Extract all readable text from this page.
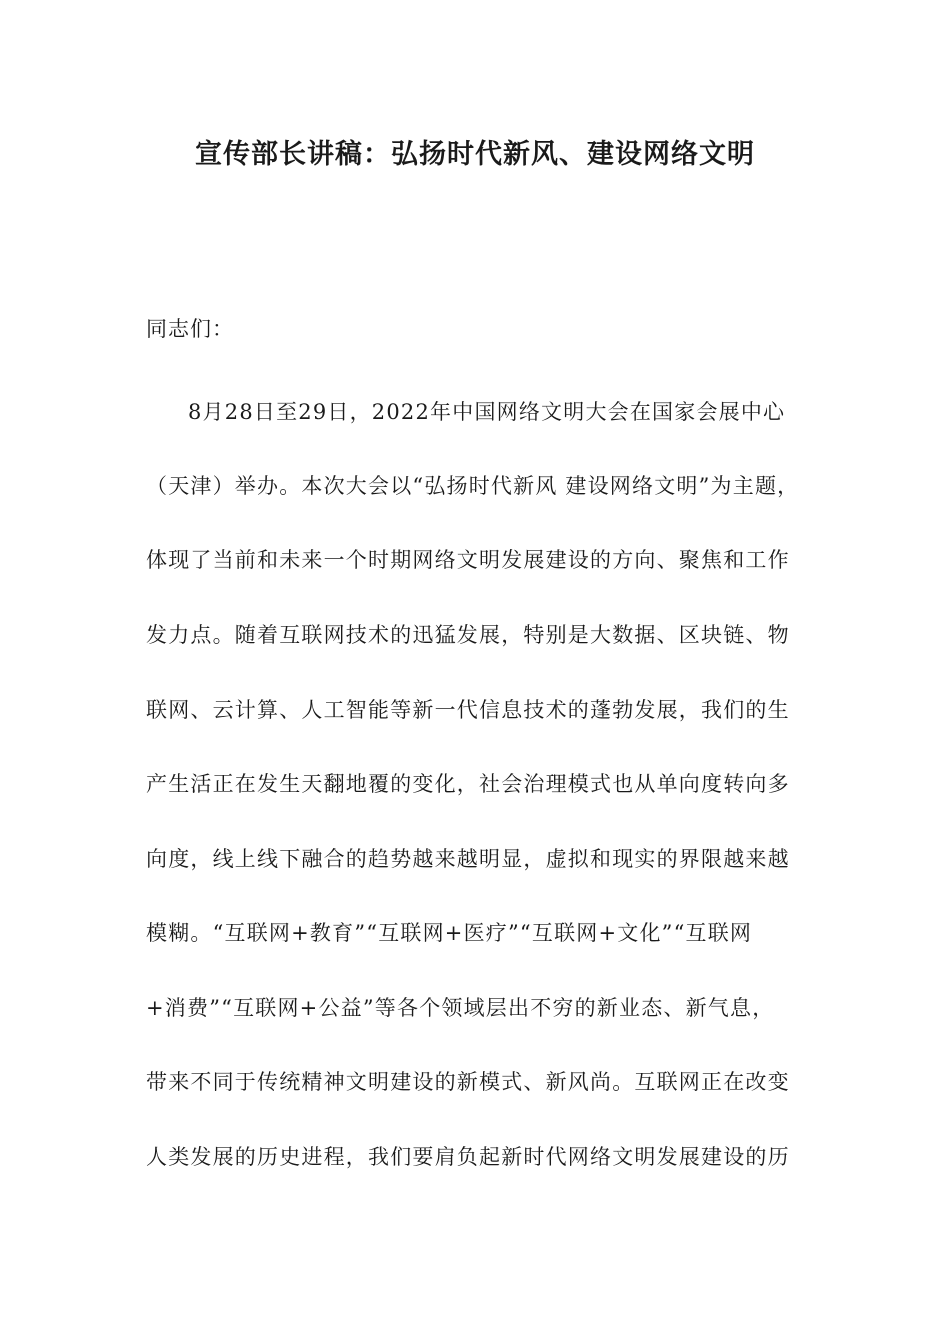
宣传部长讲稿：弘扬时代新风、建设网络文明

同志们：

8月28日至29日，2022年中国网络文明大会在国家会展中心

（天津）举办。本次大会以“弘扬时代新风 建设网络文明”为主题，

体现了当前和未来一个时期网络文明发展建设的方向、聚焦和工作

发力点。随着互联网技术的迅猛发展，特别是大数据、区块链、物

联网、云计算、人工智能等新一代信息技术的蓬勃发展，我们的生

产生活正在发生天翻地覆的变化，社会治理模式也从单向度转向多

向度，线上线下融合的趋势越来越明显，虚拟和现实的界限越来越

模糊。“互联网+教育”“互联网+医疗”“互联网+文化”“互联网

+消费”“互联网+公益”等各个领域层出不穷的新业态、新气息，

带来不同于传统精神文明建设的新模式、新风尚。互联网正在改变

人类发展的历史进程，我们要肩负起新时代网络文明发展建设的历
